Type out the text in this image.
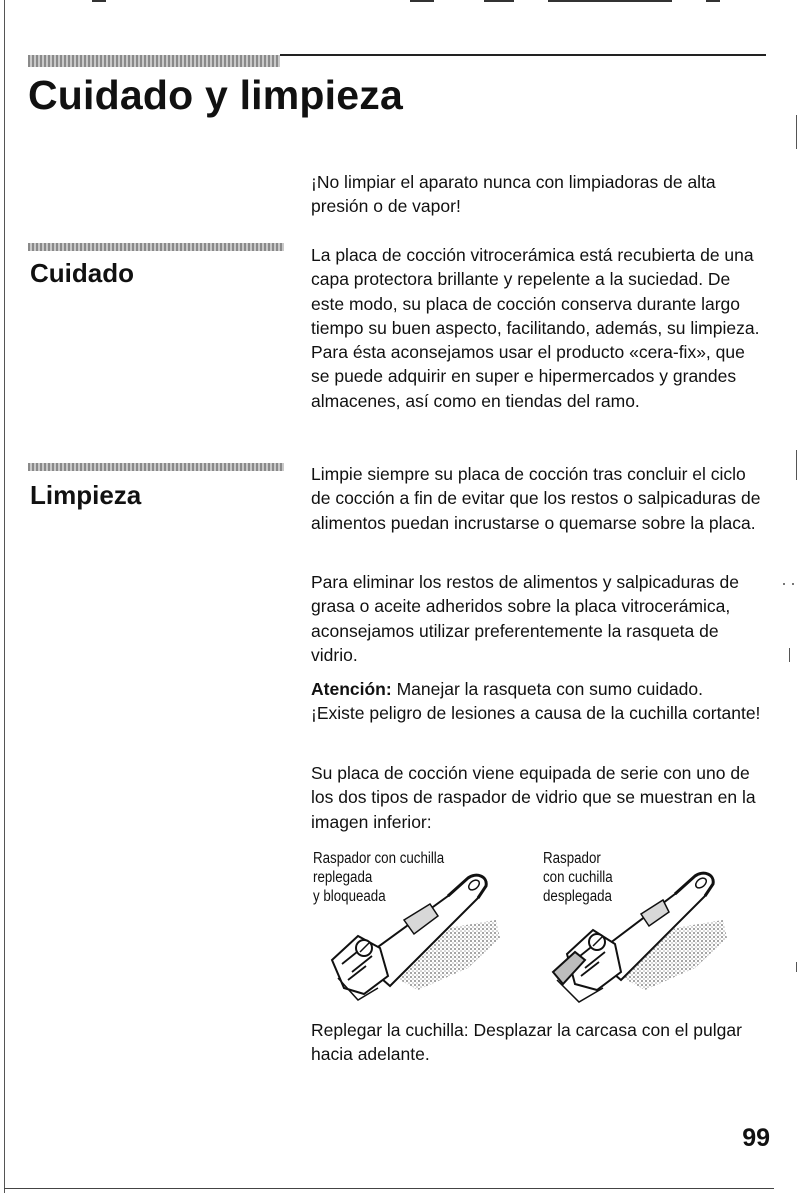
Cuidado y limpieza

¡No limpiar el aparato nunca con limpiadoras de alta presión o de vapor!

Cuidado

La placa de cocción vitrocerámica está recubierta de una capa protectora brillante y repelente a la suciedad. De este modo, su placa de cocción conserva durante largo tiempo su buen aspecto, facilitando, además, su limpieza. Para ésta aconsejamos usar el producto «cera-fix», que se puede adquirir en super e hipermercados y grandes almacenes, así como en tiendas del ramo.

Limpieza

Limpie siempre su placa de cocción tras concluir el ciclo de cocción a fin de evitar que los restos o salpicaduras de alimentos puedan incrustarse o quemarse sobre la placa.

Para eliminar los restos de alimentos y salpicaduras de grasa o aceite adheridos sobre la placa vitrocerámica, aconsejamos utilizar preferentemente la rasqueta de vidrio.

Atención: Manejar la rasqueta con sumo cuidado. ¡Existe peligro de lesiones a causa de la cuchilla cortante!

Su placa de cocción viene equipada de serie con uno de los dos tipos de raspador de vidrio que se muestran en la imagen inferior:

Raspador con cuchilla
replegada
y bloqueada

Raspador
con cuchilla
desplegada

Replegar la cuchilla: Desplazar la carcasa con el pulgar hacia adelante.

99
